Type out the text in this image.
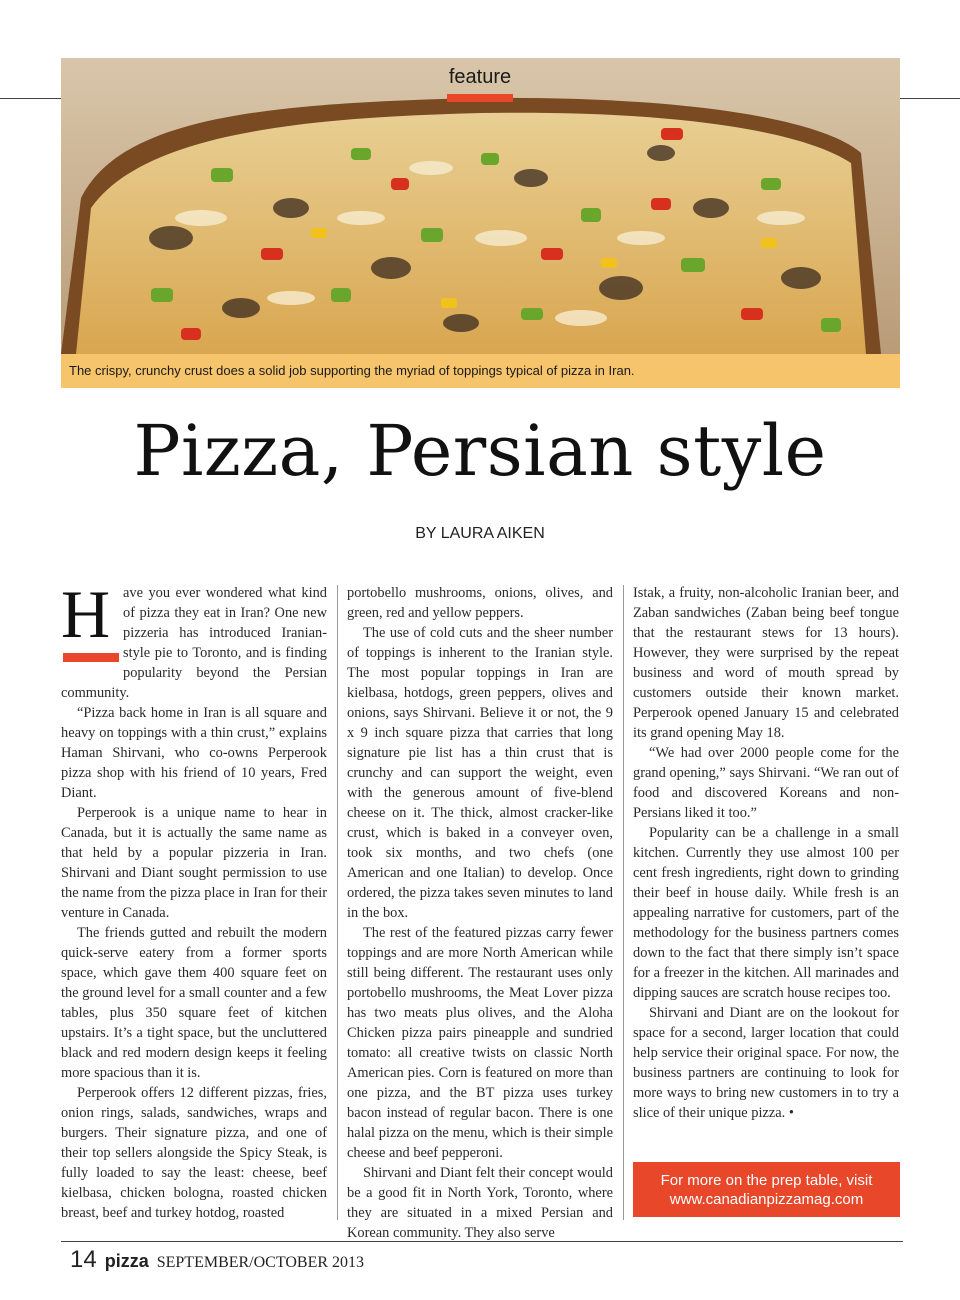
feature
The crispy, crunchy crust does a solid job supporting the myriad of toppings typical of pizza in Iran.
Pizza, Persian style
BY LAURA AIKEN
H ave you ever wondered what kind of pizza they eat in Iran? One new pizzeria has introduced Iranian-style pie to Toronto, and is finding popularity beyond the Persian community.

“Pizza back home in Iran is all square and heavy on toppings with a thin crust,” explains Haman Shirvani, who co-owns Perperook pizza shop with his friend of 10 years, Fred Diant.

Perperook is a unique name to hear in Canada, but it is actually the same name as that held by a popular pizzeria in Iran. Shirvani and Diant sought permission to use the name from the pizza place in Iran for their venture in Canada.

The friends gutted and rebuilt the modern quick-serve eatery from a former sports space, which gave them 400 square feet on the ground level for a small counter and a few tables, plus 350 square feet of kitchen upstairs. It’s a tight space, but the uncluttered black and red modern design keeps it feeling more spacious than it is.

Perperook offers 12 different pizzas, fries, onion rings, salads, sandwiches, wraps and burgers. Their signature pizza, and one of their top sellers alongside the Spicy Steak, is fully loaded to say the least: cheese, beef kielbasa, chicken bologna, roasted chicken breast, beef and turkey hotdog, roasted

portobello mushrooms, onions, olives, and green, red and yellow peppers.

The use of cold cuts and the sheer number of toppings is inherent to the Iranian style. The most popular toppings in Iran are kielbasa, hotdogs, green peppers, olives and onions, says Shirvani. Believe it or not, the 9 x 9 inch square pizza that carries that long signature pie list has a thin crust that is crunchy and can support the weight, even with the generous amount of five-blend cheese on it. The thick, almost cracker-like crust, which is baked in a conveyer oven, took six months, and two chefs (one American and one Italian) to develop. Once ordered, the pizza takes seven minutes to land in the box.

The rest of the featured pizzas carry fewer toppings and are more North American while still being different. The restaurant uses only portobello mushrooms, the Meat Lover pizza has two meats plus olives, and the Aloha Chicken pizza pairs pineapple and sundried tomato: all creative twists on classic North American pies. Corn is featured on more than one pizza, and the BT pizza uses turkey bacon instead of regular bacon. There is one halal pizza on the menu, which is their simple cheese and beef pepperoni.

Shirvani and Diant felt their concept would be a good fit in North York, Toronto, where they are situated in a mixed Persian and Korean community. They also serve

Istak, a fruity, non-alcoholic Iranian beer, and Zaban sandwiches (Zaban being beef tongue that the restaurant stews for 13 hours). However, they were surprised by the repeat business and word of mouth spread by customers outside their known market. Perperook opened January 15 and celebrated its grand opening May 18.

“We had over 2000 people come for the grand opening,” says Shirvani. “We ran out of food and discovered Koreans and non-Persians liked it too.”

Popularity can be a challenge in a small kitchen. Currently they use almost 100 per cent fresh ingredients, right down to grinding their beef in house daily. While fresh is an appealing narrative for customers, part of the methodology for the business partners comes down to the fact that there simply isn’t space for a freezer in the kitchen. All marinades and dipping sauces are scratch house recipes too.

Shirvani and Diant are on the lookout for space for a second, larger location that could help service their original space. For now, the business partners are continuing to look for more ways to bring new customers in to try a slice of their unique pizza. •

For more on the prep table, visit
www.canadianpizzamag.com
14 pizza SEPTEMBER/OCTOBER 2013
